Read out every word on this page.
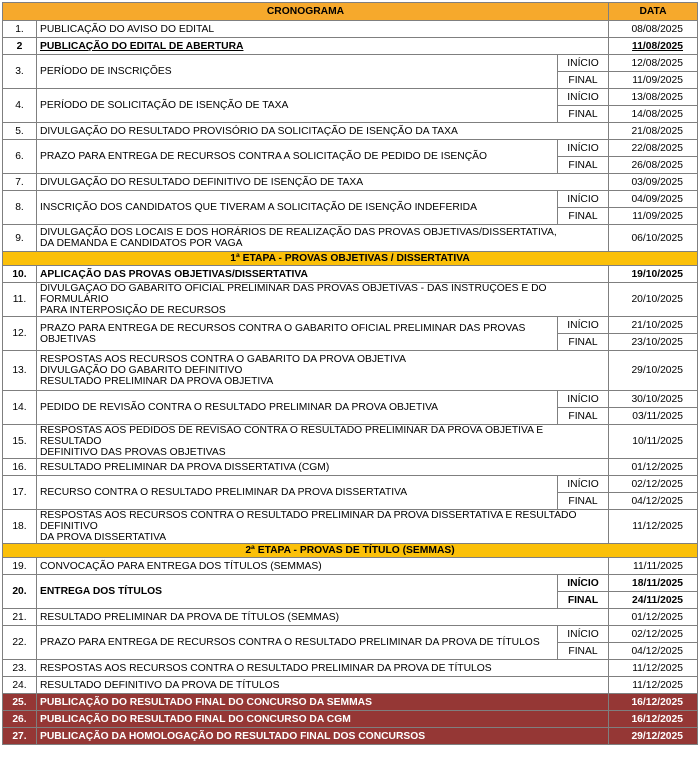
CRONOGRAMA			DATA
1.	PUBLICAÇÃO DO AVISO DO EDITAL		08/08/2025
2	PUBLICAÇÃO DO EDITAL DE ABERTURA		11/08/2025
3.	PERÍODO DE INSCRIÇÕES	INÍCIO	12/08/2025
		FINAL	11/09/2025
4.	PERÍODO DE SOLICITAÇÃO DE ISENÇÃO DE TAXA	INÍCIO	13/08/2025
		FINAL	14/08/2025
5.	DIVULGAÇÃO DO RESULTADO PROVISÓRIO DA SOLICITAÇÃO DE ISENÇÃO DA TAXA		21/08/2025
6.	PRAZO PARA ENTREGA DE RECURSOS CONTRA A SOLICITAÇÃO DE PEDIDO DE ISENÇÃO	INÍCIO	22/08/2025
		FINAL	26/08/2025
7.	DIVULGAÇÃO DO RESULTADO DEFINITIVO DE ISENÇÃO DE TAXA		03/09/2025
8.	INSCRIÇÃO DOS CANDIDATOS QUE TIVERAM A SOLICITAÇÃO DE ISENÇÃO INDEFERIDA	INÍCIO	04/09/2025
		FINAL	11/09/2025
9.	DIVULGAÇÃO DOS LOCAIS E DOS HORÁRIOS DE REALIZAÇÃO DAS PROVAS OBJETIVAS/DISSERTATIVA,
DA DEMANDA E CANDIDATOS POR VAGA		06/10/2025
1ª ETAPA - PROVAS OBJETIVAS / DISSERTATIVA			
10.	APLICAÇÃO DAS PROVAS OBJETIVAS/DISSERTATIVA		19/10/2025
11.	DIVULGAÇÃO DO GABARITO OFICIAL PRELIMINAR DAS PROVAS OBJETIVAS - DAS INSTRUÇÕES E DO FORMULÁRIO
PARA INTERPOSIÇÃO DE RECURSOS		20/10/2025
12.	PRAZO PARA ENTREGA DE RECURSOS CONTRA O GABARITO OFICIAL PRELIMINAR DAS PROVAS
OBJETIVAS	INÍCIO	21/10/2025
		FINAL	23/10/2025
13.	RESPOSTAS AOS RECURSOS CONTRA O GABARITO DA PROVA OBJETIVA
DIVULGAÇÃO DO GABARITO DEFINITIVO
RESULTADO PRELIMINAR DA PROVA OBJETIVA		29/10/2025
14.	PEDIDO DE REVISÃO CONTRA O RESULTADO PRELIMINAR DA PROVA OBJETIVA	INÍCIO	30/10/2025
		FINAL	03/11/2025
15.	RESPOSTAS AOS PEDIDOS DE REVISÃO CONTRA O RESULTADO PRELIMINAR DA PROVA OBJETIVA E RESULTADO
DEFINITIVO DAS PROVAS OBJETIVAS		10/11/2025
16.	RESULTADO PRELIMINAR DA PROVA DISSERTATIVA (CGM)		01/12/2025
17.	RECURSO CONTRA O RESULTADO PRELIMINAR DA PROVA DISSERTATIVA	INÍCIO	02/12/2025
		FINAL	04/12/2025
18.	RESPOSTAS AOS RECURSOS CONTRA O RESULTADO PRELIMINAR DA PROVA DISSERTATIVA E RESULTADO DEFINITIVO
DA PROVA DISSERTATIVA		11/12/2025
2ª ETAPA - PROVAS DE TÍTULO (SEMMAS)			
19.	CONVOCAÇÃO PARA ENTREGA DOS TÍTULOS (SEMMAS)		11/11/2025
20.	ENTREGA DOS TÍTULOS	INÍCIO	18/11/2025
		FINAL	24/11/2025
21.	RESULTADO PRELIMINAR DA PROVA DE TÍTULOS (SEMMAS)		01/12/2025
22.	PRAZO PARA ENTREGA DE RECURSOS CONTRA O RESULTADO PRELIMINAR DA PROVA DE TÍTULOS	INÍCIO	02/12/2025
		FINAL	04/12/2025
23.	RESPOSTAS AOS RECURSOS CONTRA O RESULTADO PRELIMINAR DA PROVA DE TÍTULOS		11/12/2025
24.	RESULTADO DEFINITIVO DA PROVA DE TÍTULOS		11/12/2025
25.	PUBLICAÇÃO DO RESULTADO FINAL DO CONCURSO DA SEMMAS		16/12/2025
26.	PUBLICAÇÃO DO RESULTADO FINAL DO CONCURSO DA CGM		16/12/2025
27.	PUBLICAÇÃO DA HOMOLOGAÇÃO DO RESULTADO FINAL DOS CONCURSOS		29/12/2025
